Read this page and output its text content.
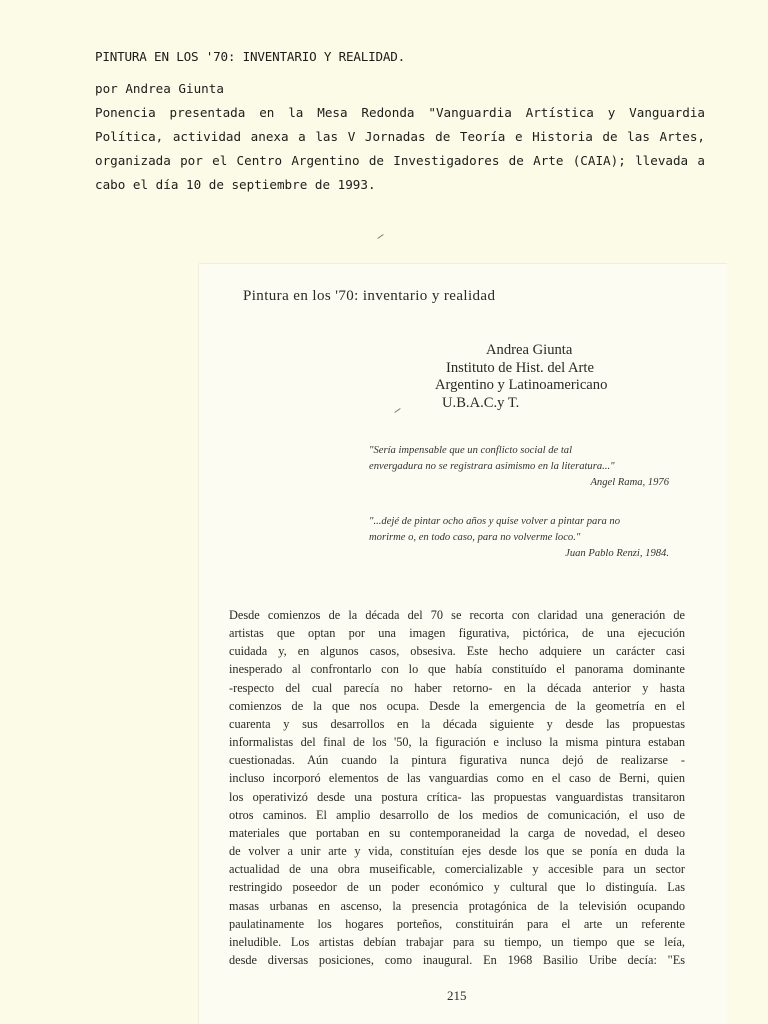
PINTURA EN LOS '70: INVENTARIO Y REALIDAD.
por Andrea Giunta
Ponencia presentada en la Mesa Redonda "Vanguardia Artística y Vanguardia
Política, actividad anexa a las V Jornadas de Teoría e Historia de las Artes,
organizada por el Centro Argentino de Investigadores de Arte (CAIA); llevada a
cabo el día 10 de septiembre de 1993.
Pintura en los '70: inventario y realidad
Andrea Giunta
Instituto de Hist. del Arte
Argentino y Latinoamericano
U.B.A.C.y T.
"Sería impensable que un conflicto social de tal
envergadura no se registrara asimismo en la literatura..."
Angel Rama, 1976
"...dejé de pintar ocho años y quise volver a pintar para no
morirme o, en todo caso, para no volverme loco."
Juan Pablo Renzi, 1984.
Desde comienzos de la década del 70 se recorta con claridad una generación de
artistas que optan por una imagen figurativa, pictórica, de una ejecución
cuidada y, en algunos casos, obsesiva. Este hecho adquiere un carácter casi
inesperado al confrontarlo con lo que había constituído el panorama dominante
-respecto del cual parecía no haber retorno- en la década anterior y hasta
comienzos de la que nos ocupa. Desde la emergencia de la geometría en el
cuarenta y sus desarrollos en la década siguiente y desde las propuestas
informalistas del final de los '50, la figuración e incluso la misma pintura estaban
cuestionadas. Aún cuando la pintura figurativa nunca dejó de realizarse -
incluso incorporó elementos de las vanguardias como en el caso de Berni, quien
los operativizó desde una postura crítica- las propuestas vanguardistas transitaron
otros caminos. El amplio desarrollo de los medios de comunicación, el uso de
materiales que portaban en su contemporaneidad la carga de novedad, el deseo
de volver a unir arte y vida, constituían ejes desde los que se ponía en duda la
actualidad de una obra museificable, comercializable y accesible para un sector
restringido poseedor de un poder económico y cultural que lo distinguía. Las
masas urbanas en ascenso, la presencia protagónica de la televisión ocupando
paulatinamente los hogares porteños, constituirán para el arte un referente
ineludible. Los artistas debían trabajar para su tiempo, un tiempo que se leía,
desde diversas posiciones, como inaugural. En 1968 Basilio Uribe decía: "Es
215
